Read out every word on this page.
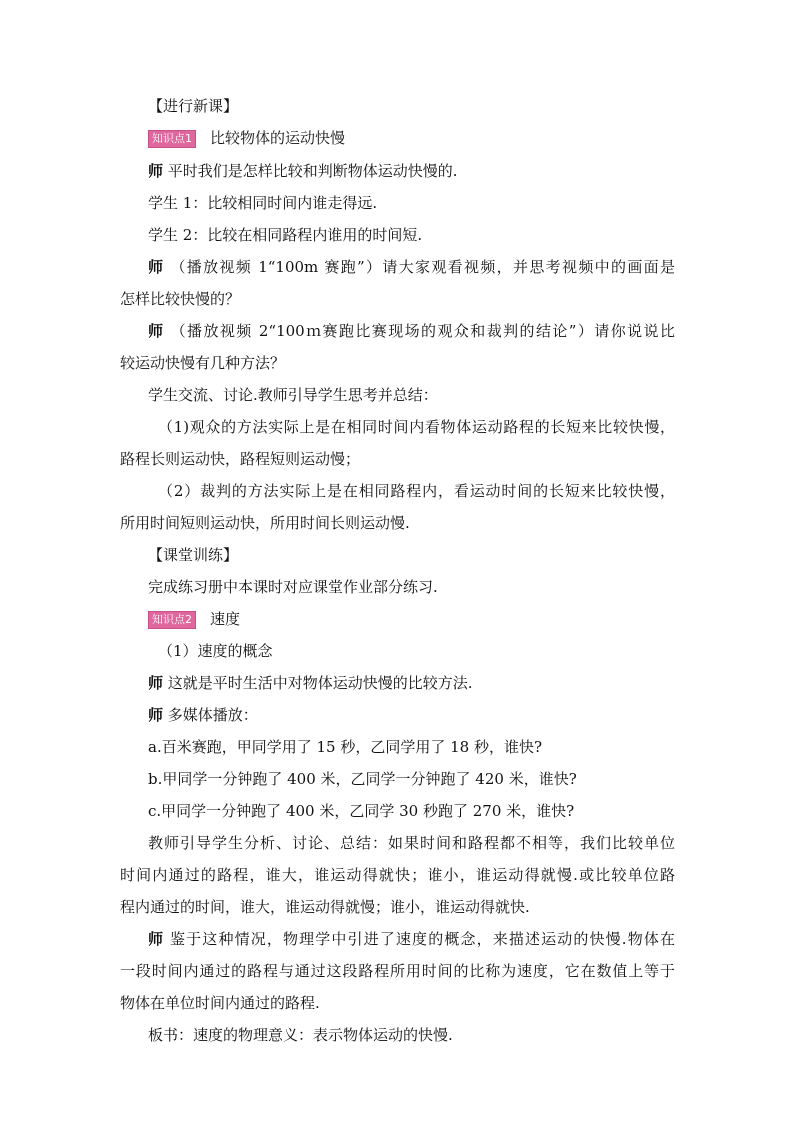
【进行新课】
知识点1 比较物体的运动快慢
师 平时我们是怎样比较和判断物体运动快慢的.
学生 1：比较相同时间内谁走得远.
学生 2：比较在相同路程内谁用的时间短.
师 （播放视频 1“100m 赛跑”）请大家观看视频，并思考视频中的画面是
怎样比较快慢的？
师 （播放视频 2“100ｍ赛跑比赛现场的观众和裁判的结论”）请你说说比
较运动快慢有几种方法？
学生交流、讨论.教师引导学生思考并总结：
（1)观众的方法实际上是在相同时间内看物体运动路程的长短来比较快慢，
路程长则运动快，路程短则运动慢；
（2）裁判的方法实际上是在相同路程内，看运动时间的长短来比较快慢，
所用时间短则运动快，所用时间长则运动慢.
【课堂训练】
完成练习册中本课时对应课堂作业部分练习.
知识点2 速度
（1）速度的概念
师 这就是平时生活中对物体运动快慢的比较方法.
师 多媒体播放：
a.百米赛跑，甲同学用了 15 秒，乙同学用了 18 秒，谁快?
b.甲同学一分钟跑了 400 米，乙同学一分钟跑了 420 米，谁快?
c.甲同学一分钟跑了 400 米，乙同学 30 秒跑了 270 米，谁快?
教师引导学生分析、讨论、总结：如果时间和路程都不相等，我们比较单位
时间内通过的路程，谁大，谁运动得就快；谁小，谁运动得就慢.或比较单位路
程内通过的时间，谁大，谁运动得就慢；谁小，谁运动得就快.
师 鉴于这种情况，物理学中引进了速度的概念，来描述运动的快慢.物体在
一段时间内通过的路程与通过这段路程所用时间的比称为速度，它在数值上等于
物体在单位时间内通过的路程.
板书：速度的物理意义：表示物体运动的快慢.
